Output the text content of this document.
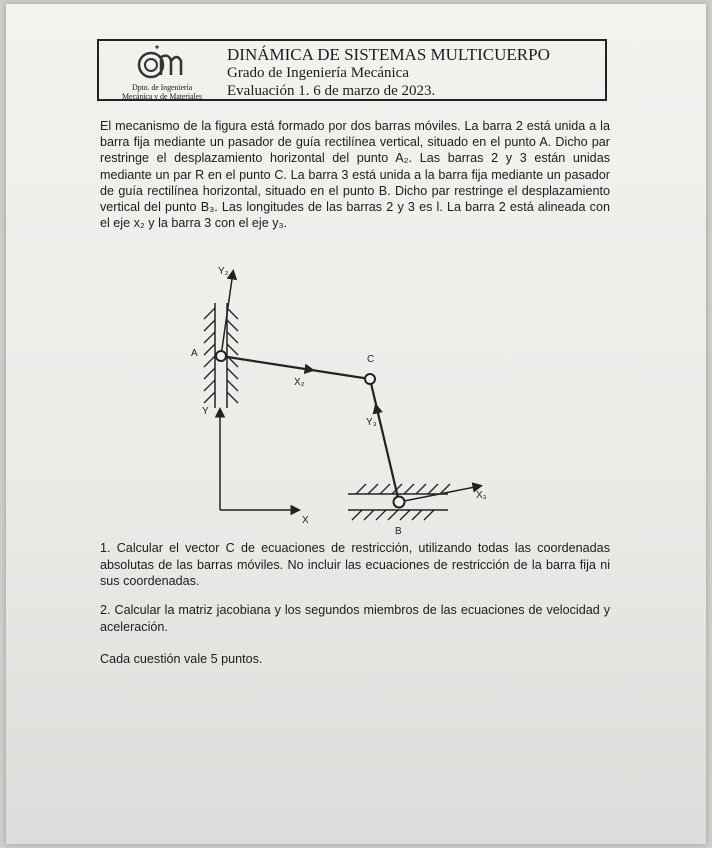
Dpto. de Ingeniería
Mecánica y de Materiales
DINÁMICA DE SISTEMAS MULTICUERPO
Grado de Ingeniería Mecánica
Evaluación 1. 6 de marzo de 2023.
El mecanismo de la figura está formado por dos barras móviles. La barra 2 está unida a la barra fija mediante un pasador de guía rectilínea vertical, situado en el punto A. Dicho par restringe el desplazamiento horizontal del punto A₂. Las barras 2 y 3 están unidas mediante un par R en el punto C. La barra 3 está unida a la barra fija mediante un pasador de guía rectilínea horizontal, situado en el punto B. Dicho par restringe el desplazamiento vertical del punto B₃. Las longitudes de las barras 2 y 3 es l. La barra 2 está alineada con el eje x₂ y la barra 3 con el eje y₃.
Y₂
A
C
X₂
Y₃
Y
X₃
X
B
1. Calcular el vector C de ecuaciones de restricción, utilizando todas las coordenadas absolutas de las barras móviles. No incluir las ecuaciones de restricción de la barra fija ni sus coordenadas.
2. Calcular la matriz jacobiana y los segundos miembros de las ecuaciones de velocidad y aceleración.
Cada cuestión vale 5 puntos.
